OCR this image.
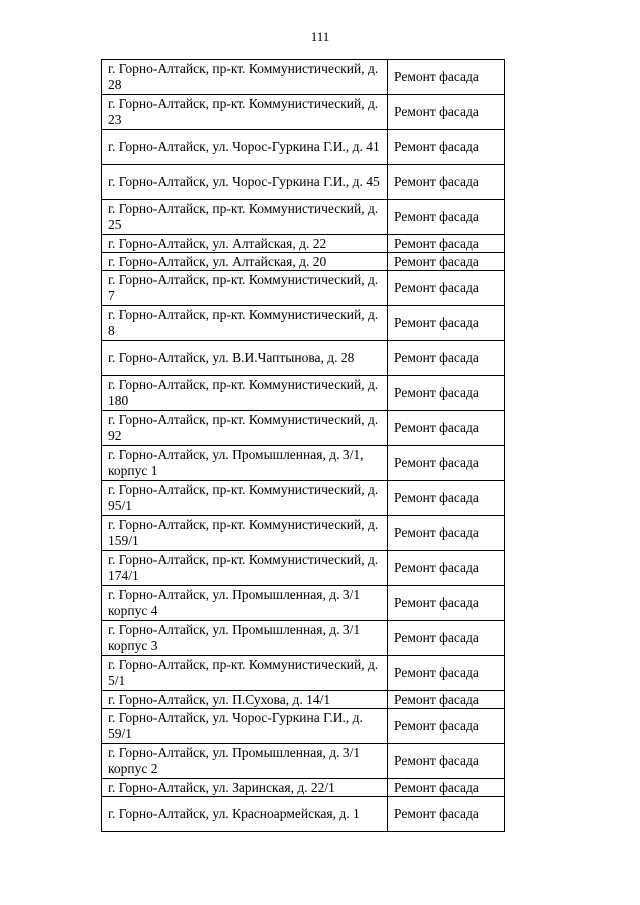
111
г. Горно-Алтайск, пр-кт. Коммунистический, д. 28	Ремонт фасада
г. Горно-Алтайск, пр-кт. Коммунистический, д. 23	Ремонт фасада
г. Горно-Алтайск, ул. Чорос-Гуркина Г.И., д. 41	Ремонт фасада
г. Горно-Алтайск, ул. Чорос-Гуркина Г.И., д. 45	Ремонт фасада
г. Горно-Алтайск, пр-кт. Коммунистический, д. 25	Ремонт фасада
г. Горно-Алтайск, ул. Алтайская, д. 22	Ремонт фасада
г. Горно-Алтайск, ул. Алтайская, д. 20	Ремонт фасада
г. Горно-Алтайск, пр-кт. Коммунистический, д. 7	Ремонт фасада
г. Горно-Алтайск, пр-кт. Коммунистический, д. 8	Ремонт фасада
г. Горно-Алтайск, ул. В.И.Чаптынова, д. 28	Ремонт фасада
г. Горно-Алтайск, пр-кт. Коммунистический, д. 180	Ремонт фасада
г. Горно-Алтайск, пр-кт. Коммунистический, д. 92	Ремонт фасада
г. Горно-Алтайск, ул. Промышленная, д. 3/1, корпус 1	Ремонт фасада
г. Горно-Алтайск, пр-кт. Коммунистический, д. 95/1	Ремонт фасада
г. Горно-Алтайск, пр-кт. Коммунистический, д. 159/1	Ремонт фасада
г. Горно-Алтайск, пр-кт. Коммунистический, д. 174/1	Ремонт фасада
г. Горно-Алтайск, ул. Промышленная, д. 3/1 корпус 4	Ремонт фасада
г. Горно-Алтайск, ул. Промышленная, д. 3/1 корпус 3	Ремонт фасада
г. Горно-Алтайск, пр-кт. Коммунистический, д. 5/1	Ремонт фасада
г. Горно-Алтайск, ул. П.Сухова, д. 14/1	Ремонт фасада
г. Горно-Алтайск, ул. Чорос-Гуркина Г.И., д. 59/1	Ремонт фасада
г. Горно-Алтайск, ул. Промышленная, д. 3/1 корпус 2	Ремонт фасада
г. Горно-Алтайск, ул. Заринская, д. 22/1	Ремонт фасада
г. Горно-Алтайск, ул. Красноармейская, д. 1	Ремонт фасада
